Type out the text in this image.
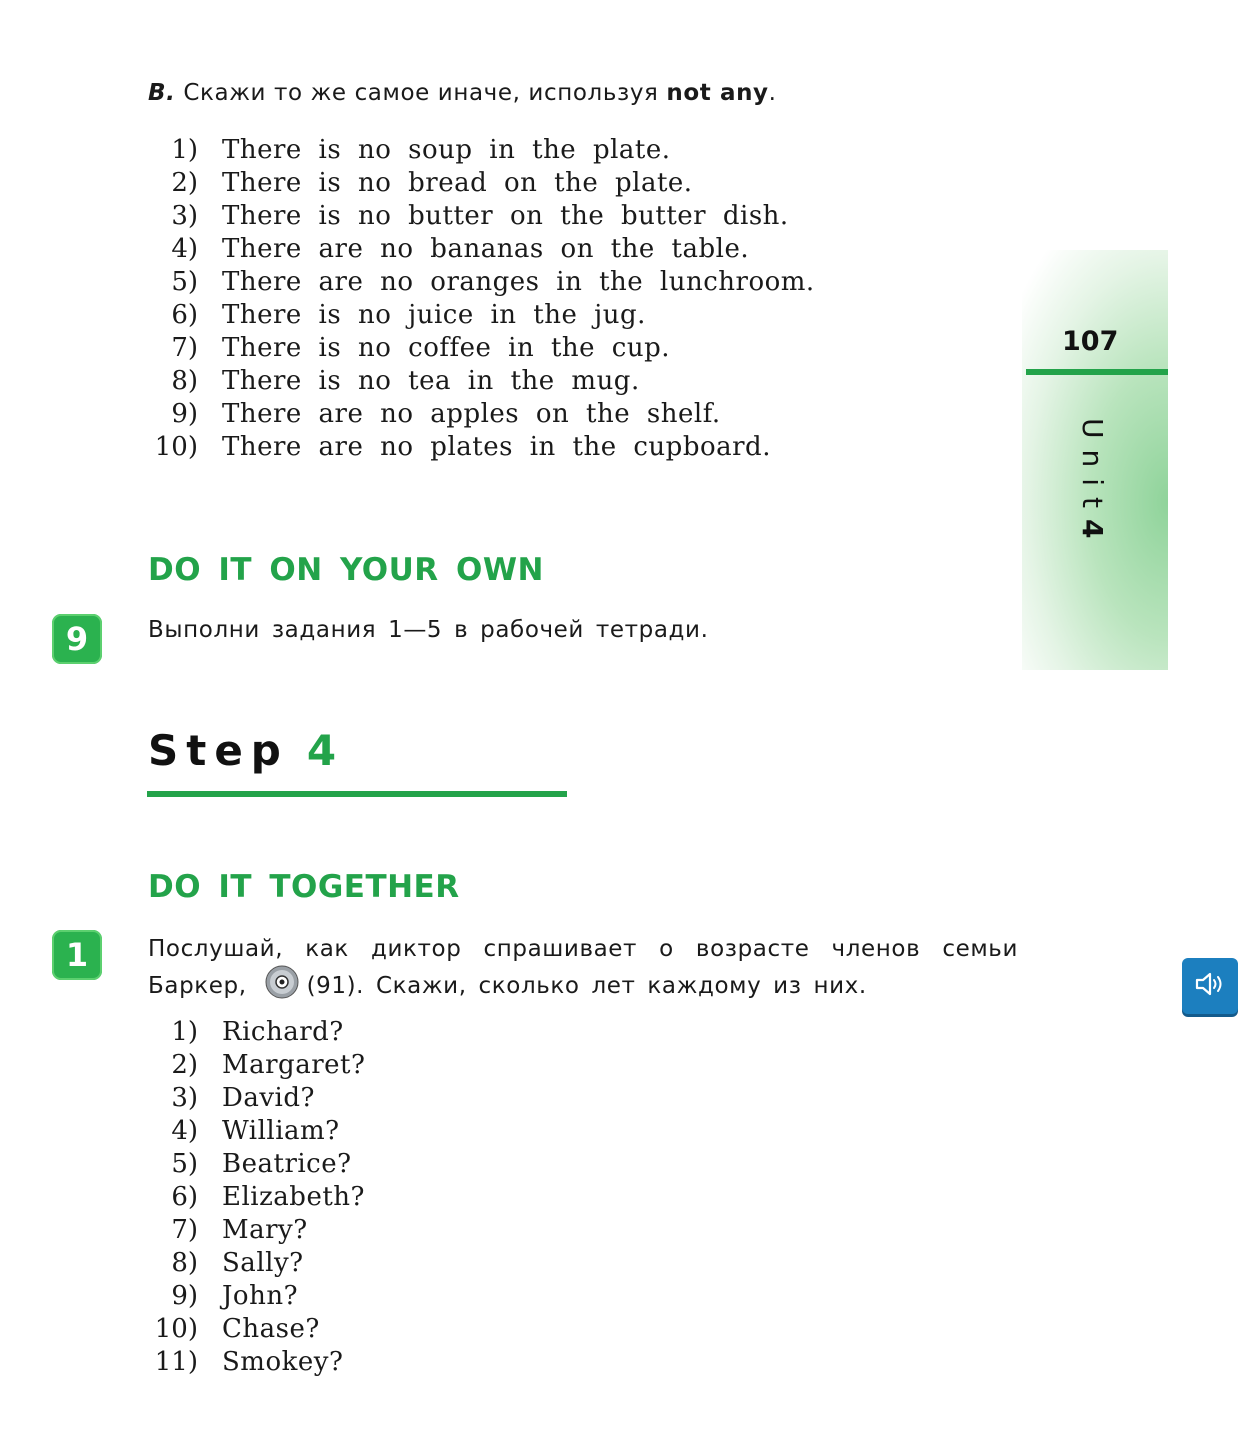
B. Скажи то же самое иначе, используя not any.
1) There is no soup in the plate.
2) There is no bread on the plate.
3) There is no butter on the butter dish.
4) There are no bananas on the table.
5) There are no oranges in the lunchroom.
6) There is no juice in the jug.
7) There is no coffee in the cup.
8) There is no tea in the mug.
9) There are no apples on the shelf.
10) There are no plates in the cupboard.
DO IT ON YOUR OWN
9	Выполни задания 1—5 в рабочей тетради.
Step 4
DO IT TOGETHER
1	Послушай, как диктор спрашивает о возрасте членов семьи Баркер,	(91). Скажи, сколько лет каждому из них.
1) Richard?
2) Margaret?
3) David?
4) William?
5) Beatrice?
6) Elizabeth?
7) Mary?
8) Sally?
9) John?
10) Chase?
11) Smokey?
107
Unit4
